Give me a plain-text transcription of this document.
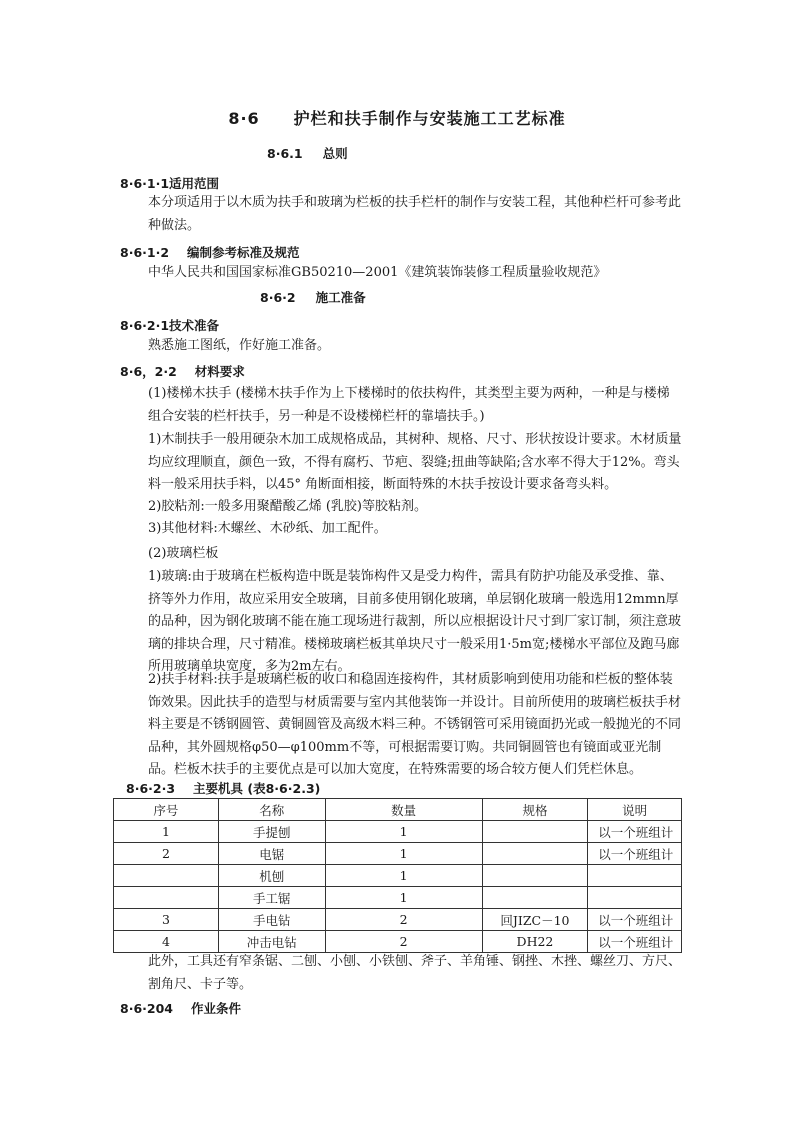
8·6 护栏和扶手制作与安装施工工艺标准
8·6.1 总则
8·6·1·1适用范围

本分项适用于以木质为扶手和玻璃为栏板的扶手栏杆的制作与安装工程，其他种栏杆可参考此种做法。

8·6·1·2 编制参考标准及规范

中华人民共和国国家标准GB50210—2001《建筑装饰装修工程质量验收规范》

8·6·2 施工准备
8·6·2·1技术准备

熟悉施工图纸，作好施工准备。

8·6，2·2 材料要求

(1)楼梯木扶手 (楼梯木扶手作为上下楼梯时的依扶构件，其类型主要为两种，一种是与楼梯组合安装的栏杆扶手，另一种是不设楼梯栏杆的靠墙扶手。)

1)木制扶手一般用硬杂木加工成规格成品，其树种、规格、尺寸、形状按设计要求。木材质量均应纹理顺直，颜色一致，不得有腐朽、节疤、裂缝;扭曲等缺陷;含水率不得大于12%。弯头料一般采用扶手料，以45° 角断面相接，断面特殊的木扶手按设计要求备弯头料。

2)胶粘剂:一般多用聚醋酸乙烯 (乳胶)等胶粘剂。

3)其他材料:木螺丝、木砂纸、加工配件。

(2)玻璃栏板

1)玻璃:由于玻璃在栏板构造中既是装饰构件又是受力构件，需具有防护功能及承受推、靠、挤等外力作用，故应采用安全玻璃，目前多使用钢化玻璃，单层钢化玻璃一般选用12mmn厚的品种，因为钢化玻璃不能在施工现场进行裁割，所以应根据设计尺寸到厂家订制，须注意玻璃的排块合理，尺寸精准。楼梯玻璃栏板其单块尺寸一般采用1·5m宽;楼梯水平部位及跑马廊所用玻璃单块宽度，多为2m左右。

2)扶手材料:扶手是玻璃栏板的收口和稳固连接构件，其材质影响到使用功能和栏板的整体装饰效果。因此扶手的造型与材质需要与室内其他装饰一并设计。目前所使用的玻璃栏板扶手材料主要是不锈钢圆管、黄铜圆管及高级木料三种。不锈钢管可采用镜面扔光或一般抛光的不同品种，其外圆规格φ50—φ100mm不等，可根据需要订购。共同铜圆管也有镜面或亚光制品。栏板木扶手的主要优点是可以加大宽度，在特殊需要的场合较方便人们凭栏休息。

8·6·2·3 主要机具 (表8·6·2.3)
序号	名称	数量	规格	说明
1	手提刨	1		以一个班组计
2	电锯	1		以一个班组计
	机刨	1		
	手工锯	1		
3	手电钻	2	回JIZC－10	以一个班组计
4	冲击电钻	2	DH22	以一个班组计

此外，工具还有窄条锯、二刨、小刨、小铁刨、斧子、羊角锤、钢挫、木挫、螺丝刀、方尺、割角尺、卡子等。

8·6·204 作业条件
